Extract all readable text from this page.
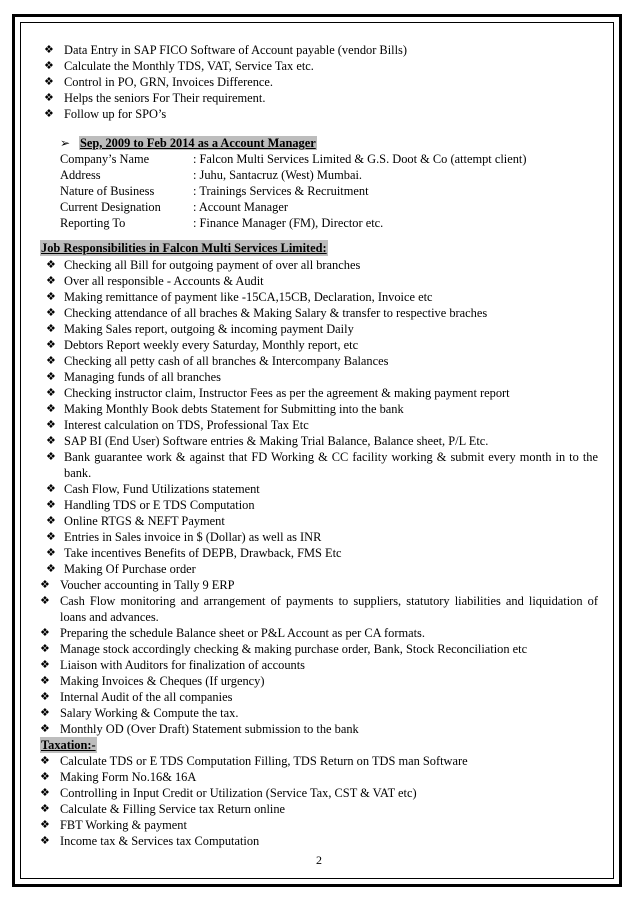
❖ Data Entry in SAP FICO Software of Account payable (vendor Bills)
❖ Calculate the Monthly TDS, VAT, Service Tax etc.
❖ Control in PO, GRN, Invoices Difference.
❖ Helps the seniors For Their requirement.
❖ Follow up for SPO’s
➢ Sep, 2009 to Feb 2014 as a Account Manager
Company’s Name	: Falcon Multi Services Limited & G.S. Doot & Co (attempt client)
Address	: Juhu, Santacruz (West) Mumbai.
Nature of Business	: Trainings Services & Recruitment
Current Designation	: Account Manager
Reporting To	: Finance Manager (FM), Director etc.
Job Responsibilities in Falcon Multi Services Limited:
❖ Checking all Bill for outgoing payment of over all branches
❖ Over all responsible - Accounts & Audit
❖ Making remittance of payment like -15CA,15CB, Declaration, Invoice etc
❖ Checking attendance of all braches & Making Salary & transfer to respective braches
❖ Making Sales report, outgoing & incoming payment Daily
❖ Debtors Report weekly every Saturday, Monthly report, etc
❖ Checking all petty cash of all branches & Intercompany Balances
❖ Managing funds of all branches
❖ Checking instructor claim, Instructor Fees as per the agreement & making payment report
❖ Making Monthly Book debts Statement for Submitting into the bank
❖ Interest calculation on TDS, Professional Tax Etc
❖ SAP BI (End User) Software entries & Making Trial Balance, Balance sheet, P/L Etc.
❖ Bank guarantee work & against that FD Working & CC facility working & submit every month in to the bank.
❖ Cash Flow, Fund Utilizations statement
❖ Handling TDS or E TDS Computation
❖ Online RTGS & NEFT Payment
❖ Entries in Sales invoice in $ (Dollar) as well as INR
❖ Take incentives Benefits of DEPB, Drawback, FMS Etc
❖ Making Of Purchase order
❖ Voucher accounting in Tally 9 ERP
❖ Cash Flow monitoring and arrangement of payments to suppliers, statutory liabilities and liquidation of loans and advances.
❖ Preparing the schedule Balance sheet or P&L Account as per CA formats.
❖ Manage stock accordingly checking & making purchase order, Bank, Stock Reconciliation etc
❖ Liaison with Auditors for finalization of accounts
❖ Making Invoices & Cheques (If urgency)
❖ Internal Audit of the all companies
❖ Salary Working & Compute the tax.
❖ Monthly OD (Over Draft) Statement submission to the bank
Taxation:-
❖ Calculate TDS or E TDS Computation Filling, TDS Return on TDS man Software
❖ Making Form No.16& 16A
❖ Controlling in Input Credit or Utilization (Service Tax, CST & VAT etc)
❖ Calculate & Filling Service tax Return online
❖ FBT Working & payment
❖ Income tax & Services tax Computation
2
